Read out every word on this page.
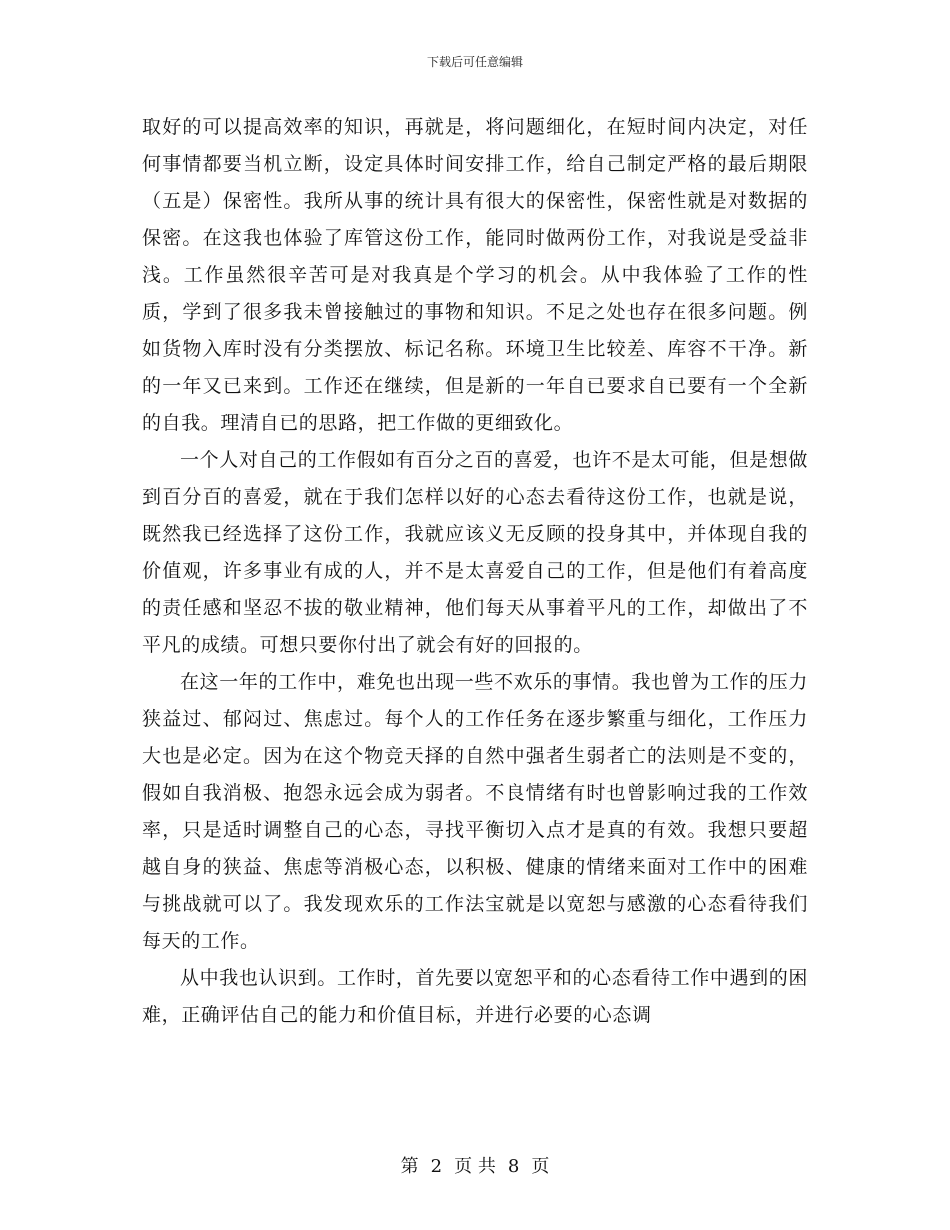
下载后可任意编辑

取好的可以提高效率的知识，再就是，将问题细化，在短时间内决定，对任何事情都要当机立断，设定具体时间安排工作，给自己制定严格的最后期限（五是）保密性。我所从事的统计具有很大的保密性，保密性就是对数据的保密。在这我也体验了库管这份工作，能同时做两份工作，对我说是受益非浅。工作虽然很辛苦可是对我真是个学习的机会。从中我体验了工作的性质，学到了很多我未曾接触过的事物和知识。不足之处也存在很多问题。例如货物入库时没有分类摆放、标记名称。环境卫生比较差、库容不干净。新的一年又已来到。工作还在继续，但是新的一年自已要求自已要有一个全新的自我。理清自已的思路，把工作做的更细致化。

一个人对自己的工作假如有百分之百的喜爱，也许不是太可能，但是想做到百分百的喜爱，就在于我们怎样以好的心态去看待这份工作，也就是说，既然我已经选择了这份工作，我就应该义无反顾的投身其中，并体现自我的价值观，许多事业有成的人，并不是太喜爱自己的工作，但是他们有着高度的责任感和坚忍不拔的敬业精神，他们每天从事着平凡的工作，却做出了不平凡的成绩。可想只要你付出了就会有好的回报的。

在这一年的工作中，难免也出现一些不欢乐的事情。我也曾为工作的压力狭益过、郁闷过、焦虑过。每个人的工作任务在逐步繁重与细化，工作压力大也是必定。因为在这个物竞天择的自然中强者生弱者亡的法则是不变的，假如自我消极、抱怨永远会成为弱者。不良情绪有时也曾影响过我的工作效率，只是适时调整自己的心态，寻找平衡切入点才是真的有效。我想只要超越自身的狭益、焦虑等消极心态，以积极、健康的情绪来面对工作中的困难与挑战就可以了。我发现欢乐的工作法宝就是以宽恕与感激的心态看待我们每天的工作。

从中我也认识到。工作时，首先要以宽恕平和的心态看待工作中遇到的困难，正确评估自己的能力和价值目标，并进行必要的心态调

第 2 页 共 8 页
